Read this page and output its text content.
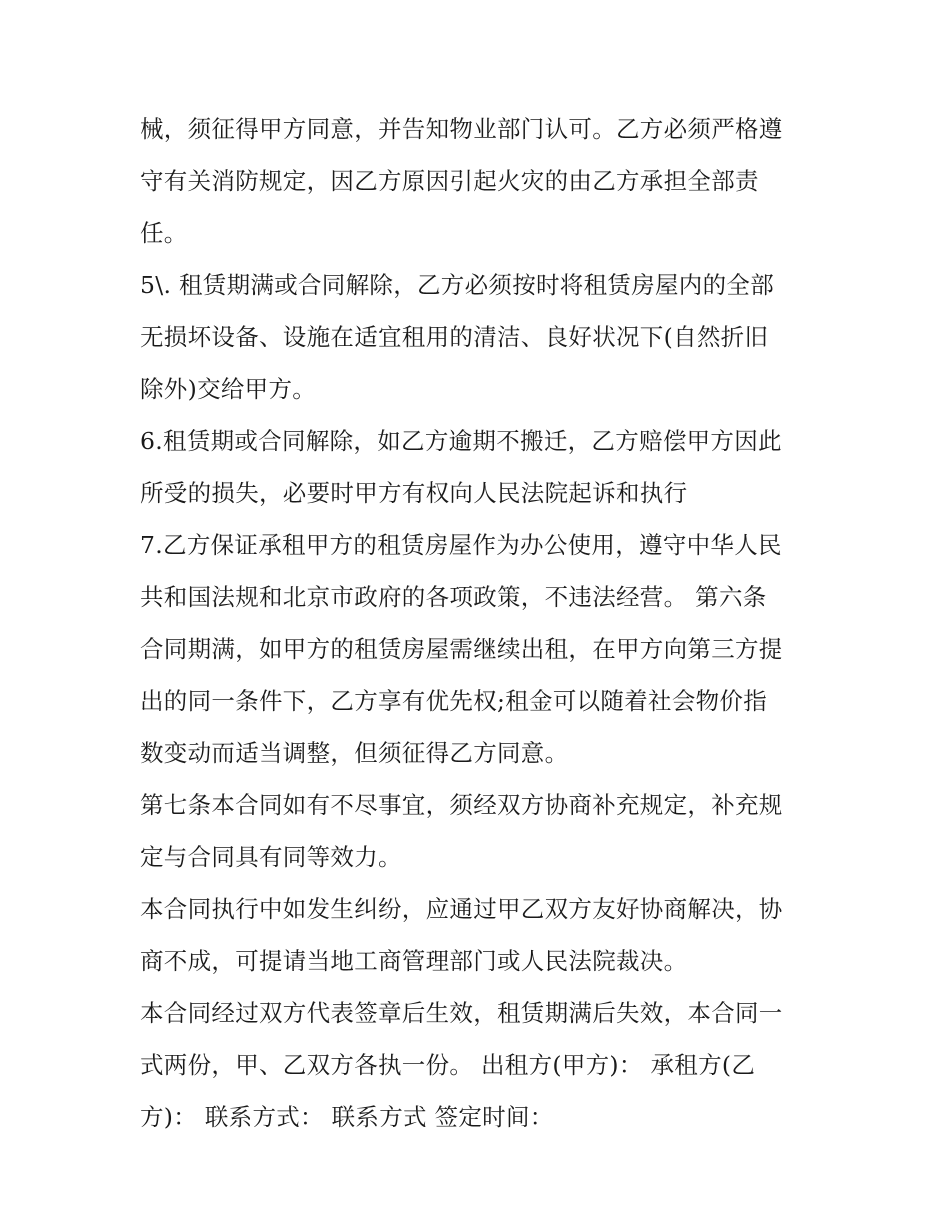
械，须征得甲方同意，并告知物业部门认可。乙方必须严格遵
守有关消防规定，因乙方原因引起火灾的由乙方承担全部责
任。
5\. 租赁期满或合同解除，乙方必须按时将租赁房屋内的全部
无损坏设备、设施在适宜租用的清洁、良好状况下(自然折旧
除外)交给甲方。
6.租赁期或合同解除，如乙方逾期不搬迁，乙方赔偿甲方因此
所受的损失，必要时甲方有权向人民法院起诉和执行
7.乙方保证承租甲方的租赁房屋作为办公使用，遵守中华人民
共和国法规和北京市政府的各项政策，不违法经营。 第六条
合同期满，如甲方的租赁房屋需继续出租，在甲方向第三方提
出的同一条件下，乙方享有优先权;租金可以随着社会物价指
数变动而适当调整，但须征得乙方同意。
第七条本合同如有不尽事宜，须经双方协商补充规定，补充规
定与合同具有同等效力。
本合同执行中如发生纠纷，应通过甲乙双方友好协商解决，协
商不成，可提请当地工商管理部门或人民法院裁决。
本合同经过双方代表签章后生效，租赁期满后失效，本合同一
式两份，甲、乙双方各执一份。 出租方(甲方)： 承租方(乙
方)： 联系方式： 联系方式 签定时间：
